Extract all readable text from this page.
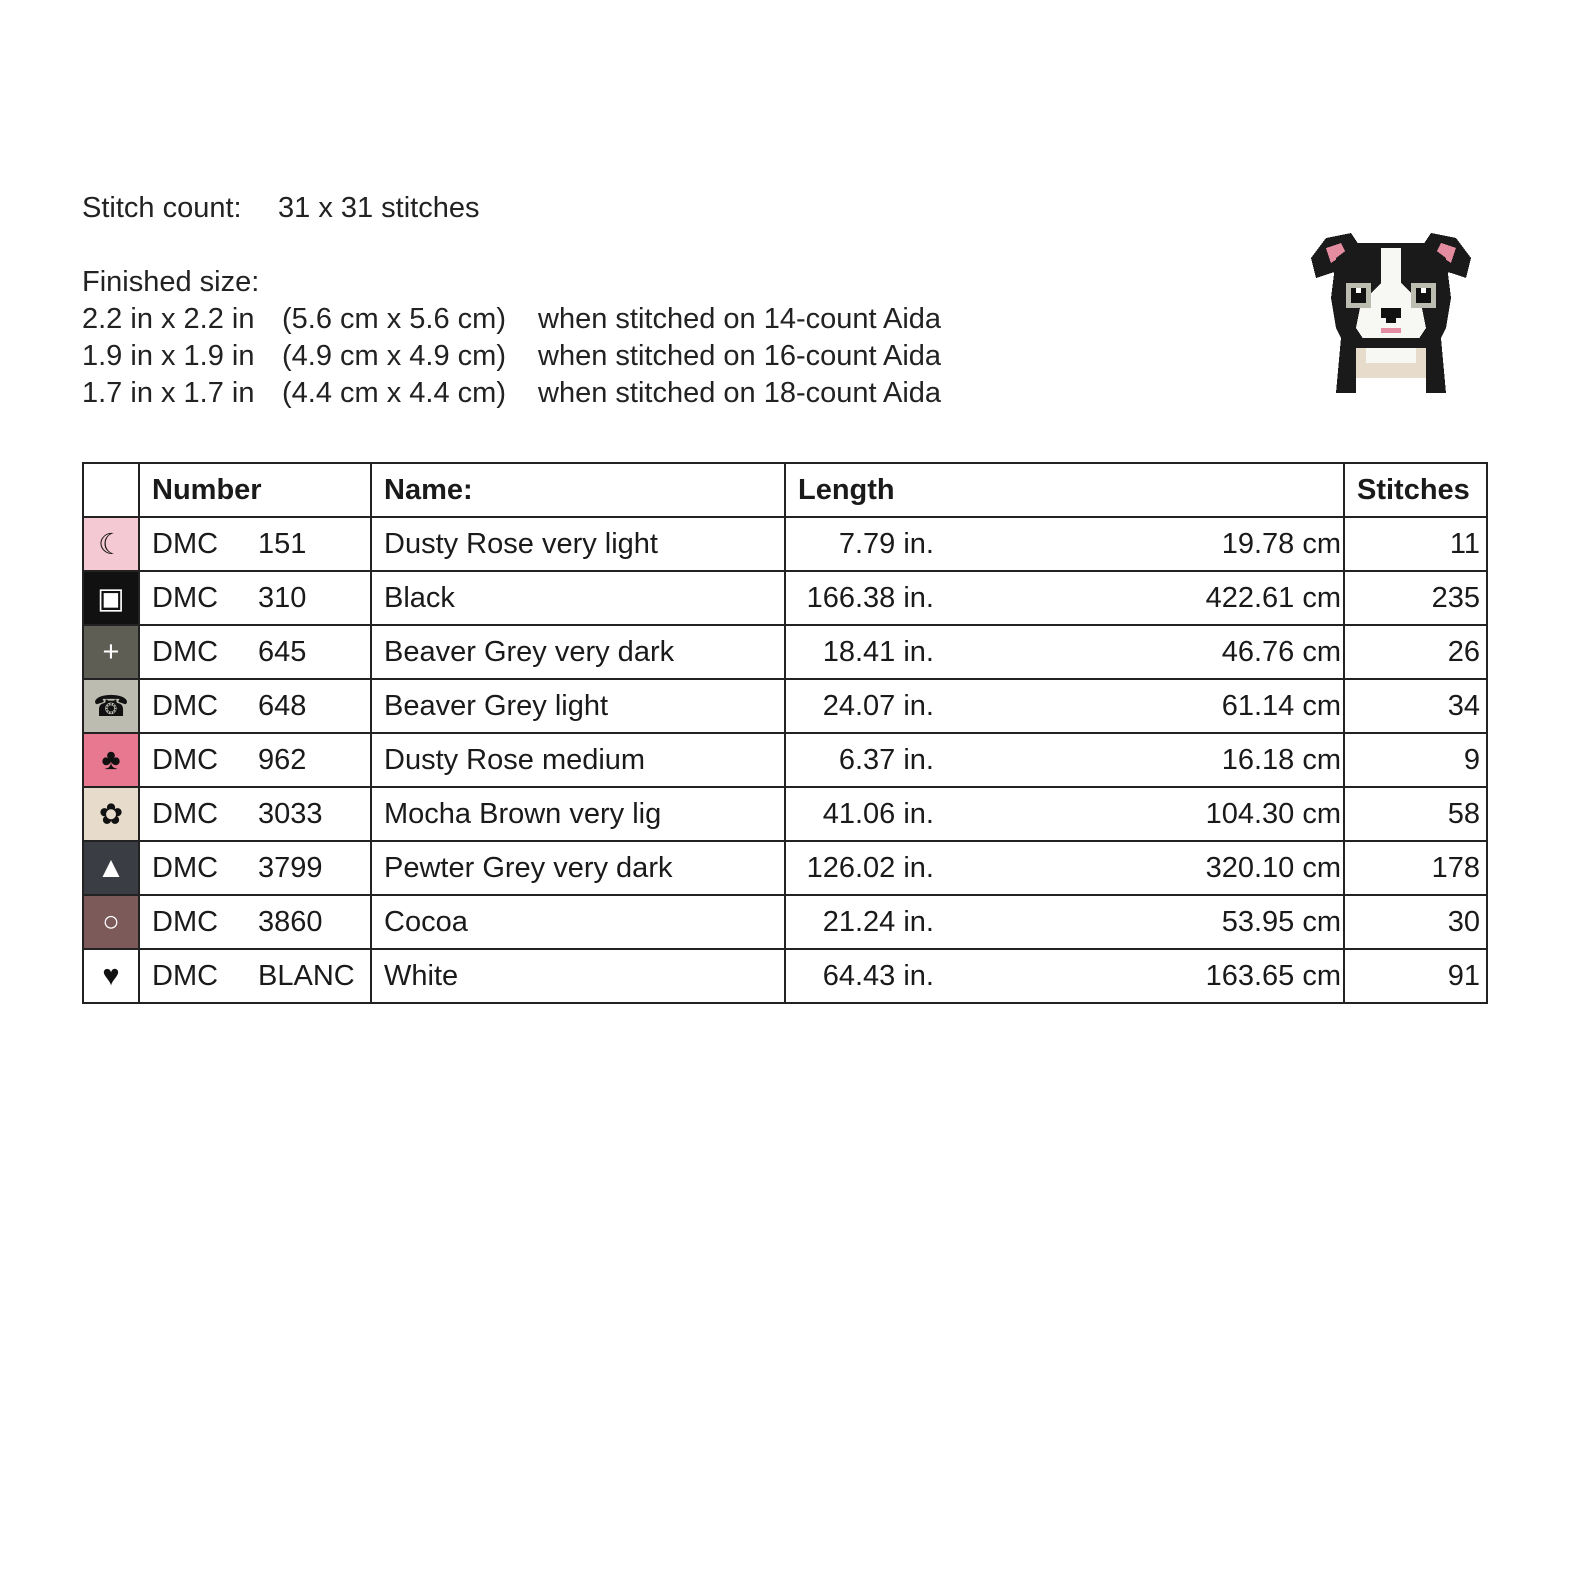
Stitch count:	31 x 31 stitches
Finished size:
2.2 in x 2.2 in (5.6 cm x 5.6 cm)	when stitched on 14-count Aida
1.9 in x 1.9 in (4.9 cm x 4.9 cm)	when stitched on 16-count Aida
1.7 in x 1.7 in (4.4 cm x 4.4 cm)	when stitched on 18-count Aida
	Number	Name:	Length	Stitches

☾	DMC 151	Dusty Rose very light	7.79 in. 19.78 cm	11

▣	DMC 310	Black	166.38 in. 422.61 cm	235

+	DMC 645	Beaver Grey very dark	18.41 in. 46.76 cm	26

☎	DMC 648	Beaver Grey light	24.07 in. 61.14 cm	34

♣	DMC 962	Dusty Rose medium	6.37 in. 16.18 cm	9

✿	DMC 3033	Mocha Brown very lig	41.06 in. 104.30 cm	58

▲	DMC 3799	Pewter Grey very dark	126.02 in. 320.10 cm	178

○	DMC 3860	Cocoa	21.24 in. 53.95 cm	30

♥	DMC BLANC	White	64.43 in. 163.65 cm	91
